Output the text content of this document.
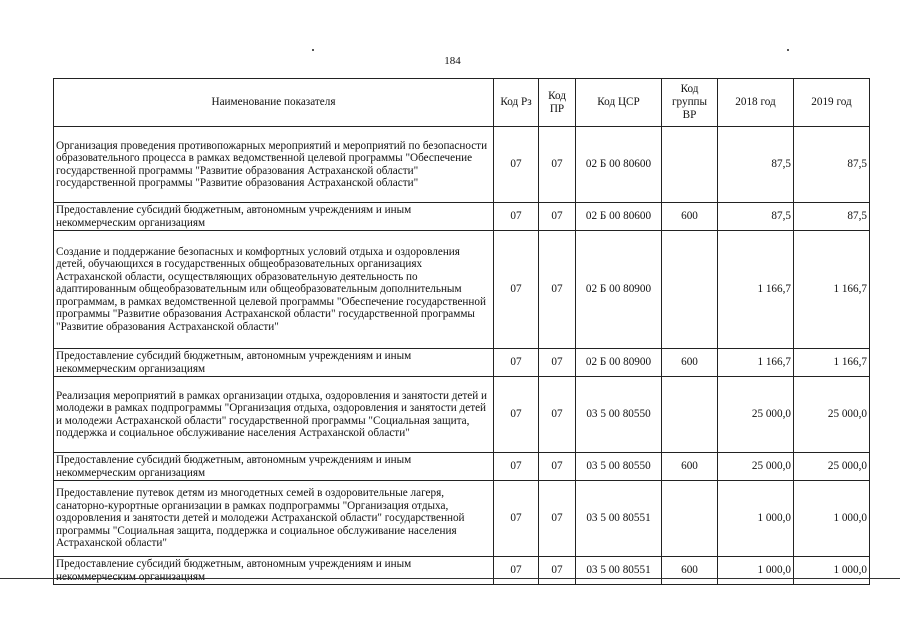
184
Наименование показателя	Код Рз	Код ПР	Код ЦСР	Код группы ВР	2018 год	2019 год
Организация проведения противопожарных мероприятий и мероприятий по безопасности образовательного процесса в рамках ведомственной целевой программы "Обеспечение государственной программы "Развитие образования Астраханской области" государственной программы "Развитие образования Астраханской области"	07	07	02 Б 00 80600		87,5	87,5
Предоставление субсидий бюджетным, автономным учреждениям и иным некоммерческим организациям	07	07	02 Б 00 80600	600	87,5	87,5
Создание и поддержание безопасных и комфортных условий отдыха и оздоровления детей, обучающихся в государственных общеобразовательных организациях Астраханской области, осуществляющих образовательную деятельность по адаптированным общеобразовательным или общеобразовательным дополнительным программам, в рамках ведомственной целевой программы "Обеспечение государственной программы "Развитие образования Астраханской области" государственной программы "Развитие образования Астраханской области"	07	07	02 Б 00 80900		1 166,7	1 166,7
Предоставление субсидий бюджетным, автономным учреждениям и иным некоммерческим организациям	07	07	02 Б 00 80900	600	1 166,7	1 166,7
Реализация мероприятий в рамках организации отдыха, оздоровления и занятости детей и молодежи в рамках подпрограммы "Организация отдыха, оздоровления и занятости детей и молодежи Астраханской области" государственной программы "Социальная защита, поддержка и социальное обслуживание населения Астраханской области"	07	07	03 5 00 80550		25 000,0	25 000,0
Предоставление субсидий бюджетным, автономным учреждениям и иным некоммерческим организациям	07	07	03 5 00 80550	600	25 000,0	25 000,0
Предоставление путевок детям из многодетных семей в оздоровительные лагеря, санаторно-курортные организации в рамках подпрограммы "Организация отдыха, оздоровления и занятости детей и молодежи Астраханской области" государственной программы "Социальная защита, поддержка и социальное обслуживание населения Астраханской области"	07	07	03 5 00 80551		1 000,0	1 000,0
Предоставление субсидий бюджетным, автономным учреждениям и иным некоммерческим организациям	07	07	03 5 00 80551	600	1 000,0	1 000,0
